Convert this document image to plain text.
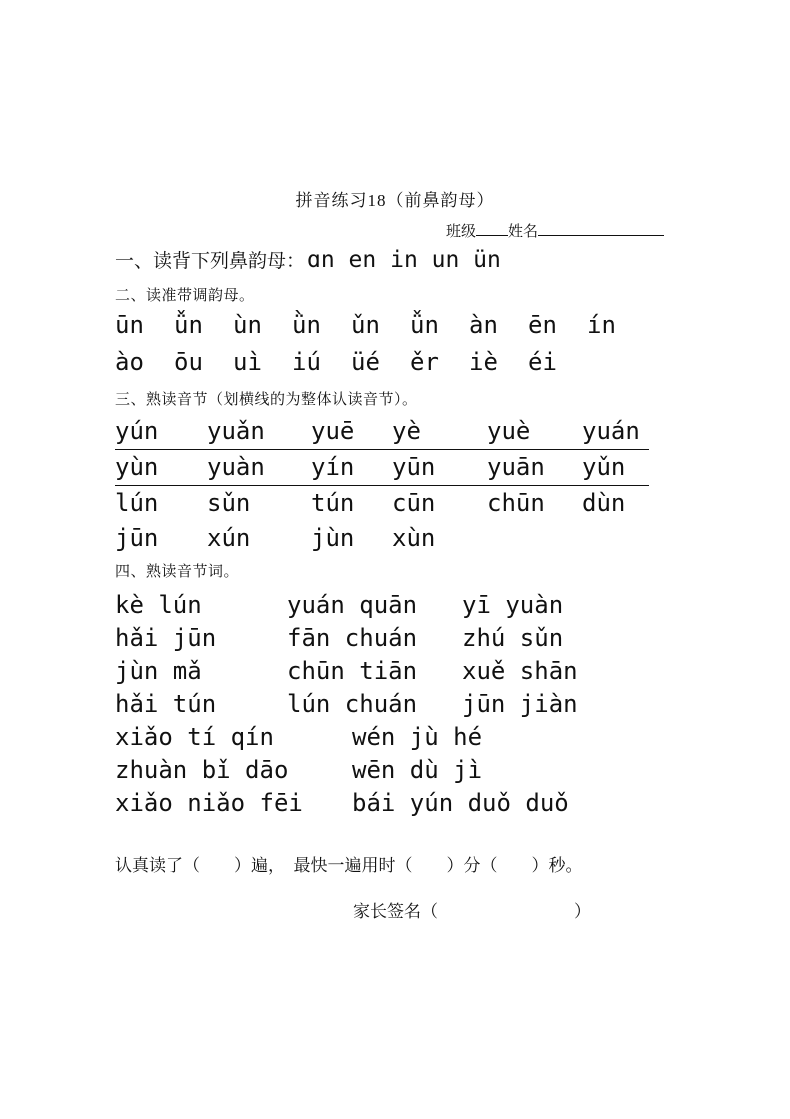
拼音练习18（前鼻韵母）
班级 姓名
一、读背下列鼻韵母： ɑn en in un ün
二、读准带调韵母。
ūn	ǚn	ùn	ǜn	ǔn	ǚn	àn	ēn	ín
ào	ōu	uì	iú	üé	ěr	iè	éi
三、熟读音节（划横线的为整体认读音节）。
yún	yuǎn	yuē	yè	yuè	yuán
yùn	yuàn	yín	yūn	yuān	yǔn
lún	sǔn	tún	cūn	chūn	dùn
jūn	xún	jùn	xùn
四、熟读音节词。
kè lún	yuán quān	yī yuàn
hǎi jūn	fān chuán	zhú sǔn
jùn mǎ	chūn tiān	xuě shān
hǎi tún	lún chuán	jūn jiàn
xiǎo tí qín	wén jù hé
zhuàn bǐ dāo	wēn dù jì
xiǎo niǎo fēi	bái yún duǒ duǒ
认真读了（　　）遍，　最快一遍用时（　　）分（　　）秒。
家长签名（　　　　　　　　）
